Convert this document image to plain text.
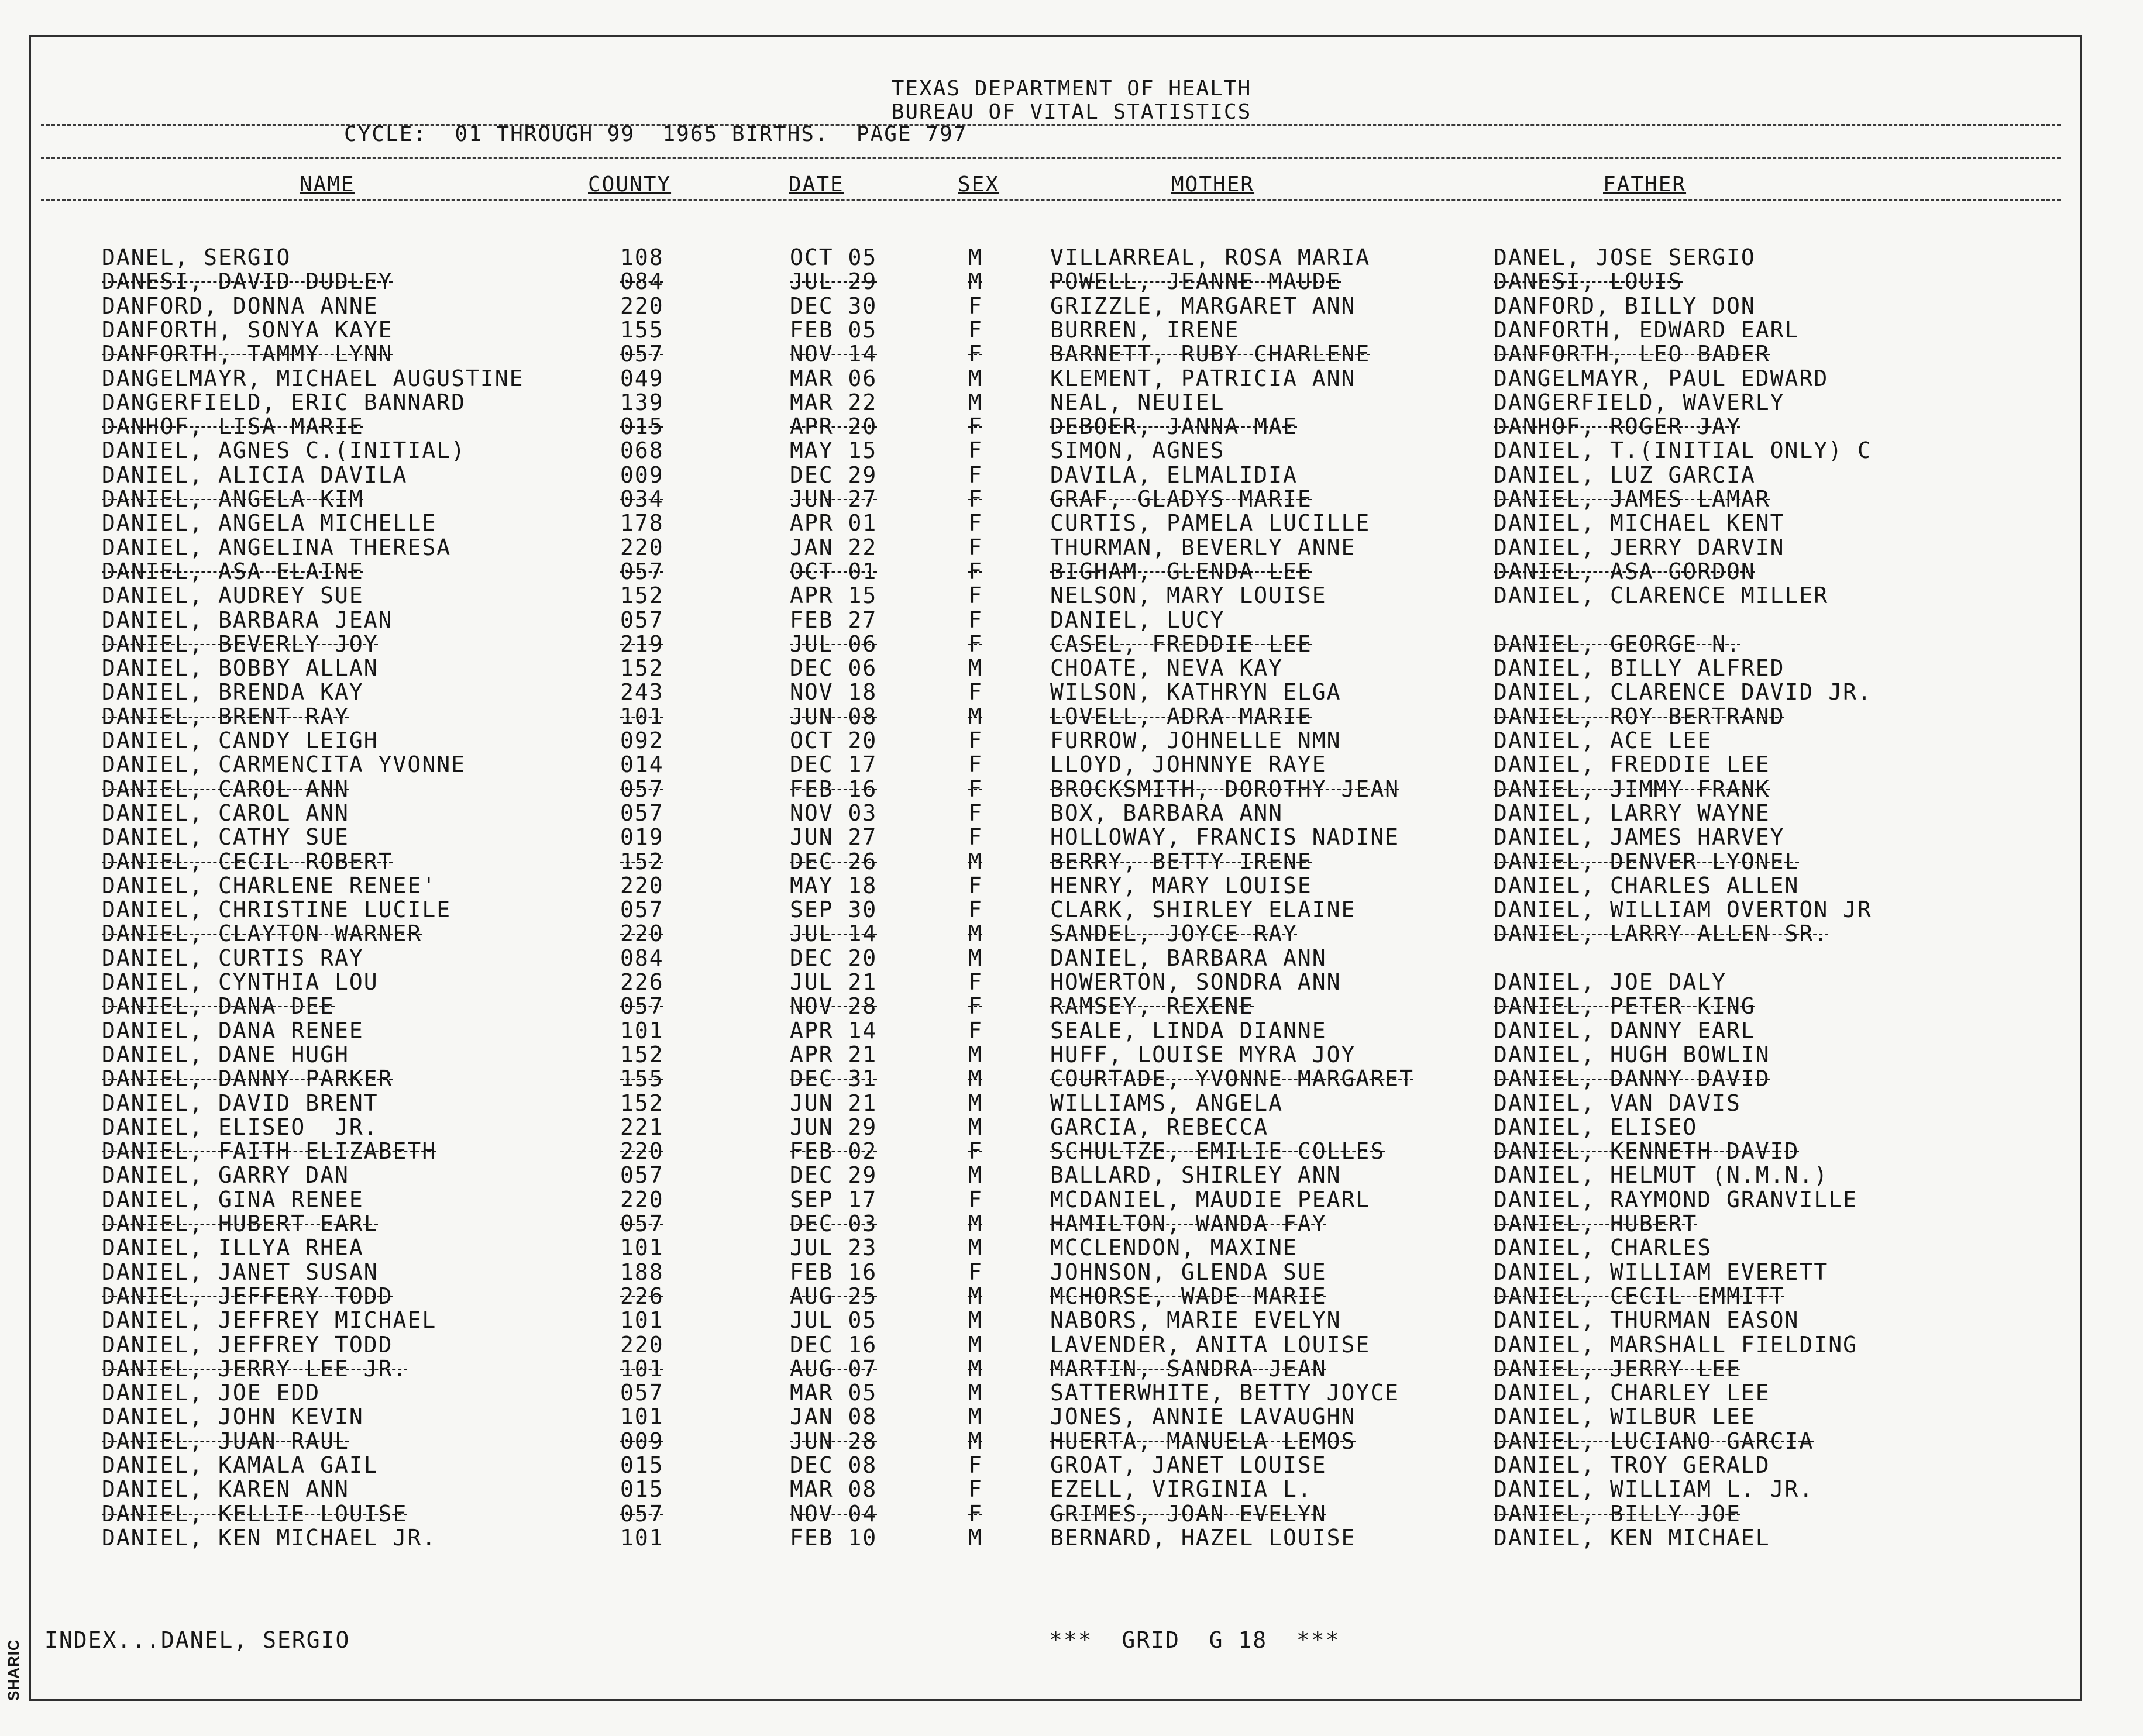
TEXAS DEPARTMENT OF HEALTH
BUREAU OF VITAL STATISTICS
CYCLE:  01 THROUGH 99  1965 BIRTHS.  PAGE 797
NAME	COUNTY	DATE	SEX	MOTHER	FATHER
DANEL, SERGIO	108	OCT 05	M	VILLARREAL, ROSA MARIA	DANEL, JOSE SERGIO
DANESI, DAVID DUDLEY	084	JUL 29	M	POWELL, JEANNE MAUDE	DANESI, LOUIS
DANFORD, DONNA ANNE	220	DEC 30	F	GRIZZLE, MARGARET ANN	DANFORD, BILLY DON
DANFORTH, SONYA KAYE	155	FEB 05	F	BURREN, IRENE	DANFORTH, EDWARD EARL
DANFORTH, TAMMY LYNN	057	NOV 14	F	BARNETT, RUBY CHARLENE	DANFORTH, LEO BADER
DANGELMAYR, MICHAEL AUGUSTINE	049	MAR 06	M	KLEMENT, PATRICIA ANN	DANGELMAYR, PAUL EDWARD
DANGERFIELD, ERIC BANNARD	139	MAR 22	M	NEAL, NEUIEL	DANGERFIELD, WAVERLY
DANHOF, LISA MARIE	015	APR 20	F	DEBOER, JANNA MAE	DANHOF, ROGER JAY
DANIEL, AGNES C.(INITIAL)	068	MAY 15	F	SIMON, AGNES	DANIEL, T.(INITIAL ONLY) C
DANIEL, ALICIA DAVILA	009	DEC 29	F	DAVILA, ELMALIDIA	DANIEL, LUZ GARCIA
DANIEL, ANGELA KIM	034	JUN 27	F	GRAF, GLADYS MARIE	DANIEL, JAMES LAMAR
DANIEL, ANGELA MICHELLE	178	APR 01	F	CURTIS, PAMELA LUCILLE	DANIEL, MICHAEL KENT
DANIEL, ANGELINA THERESA	220	JAN 22	F	THURMAN, BEVERLY ANNE	DANIEL, JERRY DARVIN
DANIEL, ASA ELAINE	057	OCT 01	F	BIGHAM, GLENDA LEE	DANIEL, ASA GORDON
DANIEL, AUDREY SUE	152	APR 15	F	NELSON, MARY LOUISE	DANIEL, CLARENCE MILLER
DANIEL, BARBARA JEAN	057	FEB 27	F	DANIEL, LUCY
DANIEL, BEVERLY JOY	219	JUL 06	F	CASEL, FREDDIE LEE	DANIEL, GEORGE N.
DANIEL, BOBBY ALLAN	152	DEC 06	M	CHOATE, NEVA KAY	DANIEL, BILLY ALFRED
DANIEL, BRENDA KAY	243	NOV 18	F	WILSON, KATHRYN ELGA	DANIEL, CLARENCE DAVID JR.
DANIEL, BRENT RAY	101	JUN 08	M	LOVELL, ADRA MARIE	DANIEL, ROY BERTRAND
DANIEL, CANDY LEIGH	092	OCT 20	F	FURROW, JOHNELLE NMN	DANIEL, ACE LEE
DANIEL, CARMENCITA YVONNE	014	DEC 17	F	LLOYD, JOHNNYE RAYE	DANIEL, FREDDIE LEE
DANIEL, CAROL ANN	057	FEB 16	F	BROCKSMITH, DOROTHY JEAN	DANIEL, JIMMY FRANK
DANIEL, CAROL ANN	057	NOV 03	F	BOX, BARBARA ANN	DANIEL, LARRY WAYNE
DANIEL, CATHY SUE	019	JUN 27	F	HOLLOWAY, FRANCIS NADINE	DANIEL, JAMES HARVEY
DANIEL, CECIL ROBERT	152	DEC 26	M	BERRY, BETTY IRENE	DANIEL, DENVER LYONEL
DANIEL, CHARLENE RENEE'	220	MAY 18	F	HENRY, MARY LOUISE	DANIEL, CHARLES ALLEN
DANIEL, CHRISTINE LUCILE	057	SEP 30	F	CLARK, SHIRLEY ELAINE	DANIEL, WILLIAM OVERTON JR
DANIEL, CLAYTON WARNER	220	JUL 14	M	SANDEL, JOYCE RAY	DANIEL, LARRY ALLEN SR.
DANIEL, CURTIS RAY	084	DEC 20	M	DANIEL, BARBARA ANN
DANIEL, CYNTHIA LOU	226	JUL 21	F	HOWERTON, SONDRA ANN	DANIEL, JOE DALY
DANIEL, DANA DEE	057	NOV 28	F	RAMSEY, REXENE	DANIEL, PETER KING
DANIEL, DANA RENEE	101	APR 14	F	SEALE, LINDA DIANNE	DANIEL, DANNY EARL
DANIEL, DANE HUGH	152	APR 21	M	HUFF, LOUISE MYRA JOY	DANIEL, HUGH BOWLIN
DANIEL, DANNY PARKER	155	DEC 31	M	COURTADE, YVONNE MARGARET	DANIEL, DANNY DAVID
DANIEL, DAVID BRENT	152	JUN 21	M	WILLIAMS, ANGELA	DANIEL, VAN DAVIS
DANIEL, ELISEO  JR.	221	JUN 29	M	GARCIA, REBECCA	DANIEL, ELISEO
DANIEL, FAITH ELIZABETH	220	FEB 02	F	SCHULTZE, EMILIE COLLES	DANIEL, KENNETH DAVID
DANIEL, GARRY DAN	057	DEC 29	M	BALLARD, SHIRLEY ANN	DANIEL, HELMUT (N.M.N.)
DANIEL, GINA RENEE	220	SEP 17	F	MCDANIEL, MAUDIE PEARL	DANIEL, RAYMOND GRANVILLE
DANIEL, HUBERT EARL	057	DEC 03	M	HAMILTON, WANDA FAY	DANIEL, HUBERT
DANIEL, ILLYA RHEA	101	JUL 23	M	MCCLENDON, MAXINE	DANIEL, CHARLES
DANIEL, JANET SUSAN	188	FEB 16	F	JOHNSON, GLENDA SUE	DANIEL, WILLIAM EVERETT
DANIEL, JEFFERY TODD	226	AUG 25	M	MCHORSE, WADE MARIE	DANIEL, CECIL EMMITT
DANIEL, JEFFREY MICHAEL	101	JUL 05	M	NABORS, MARIE EVELYN	DANIEL, THURMAN EASON
DANIEL, JEFFREY TODD	220	DEC 16	M	LAVENDER, ANITA LOUISE	DANIEL, MARSHALL FIELDING
DANIEL, JERRY LEE JR.	101	AUG 07	M	MARTIN, SANDRA JEAN	DANIEL, JERRY LEE
DANIEL, JOE EDD	057	MAR 05	M	SATTERWHITE, BETTY JOYCE	DANIEL, CHARLEY LEE
DANIEL, JOHN KEVIN	101	JAN 08	M	JONES, ANNIE LAVAUGHN	DANIEL, WILBUR LEE
DANIEL, JUAN RAUL	009	JUN 28	M	HUERTA, MANUELA LEMOS	DANIEL, LUCIANO GARCIA
DANIEL, KAMALA GAIL	015	DEC 08	F	GROAT, JANET LOUISE	DANIEL, TROY GERALD
DANIEL, KAREN ANN	015	MAR 08	F	EZELL, VIRGINIA L.	DANIEL, WILLIAM L. JR.
DANIEL, KELLIE LOUISE	057	NOV 04	F	GRIMES, JOAN EVELYN	DANIEL, BILLY JOE
DANIEL, KEN MICHAEL JR.	101	FEB 10	M	BERNARD, HAZEL LOUISE	DANIEL, KEN MICHAEL
INDEX...DANEL, SERGIO	***  GRID  G 18  ***
SHARIC
